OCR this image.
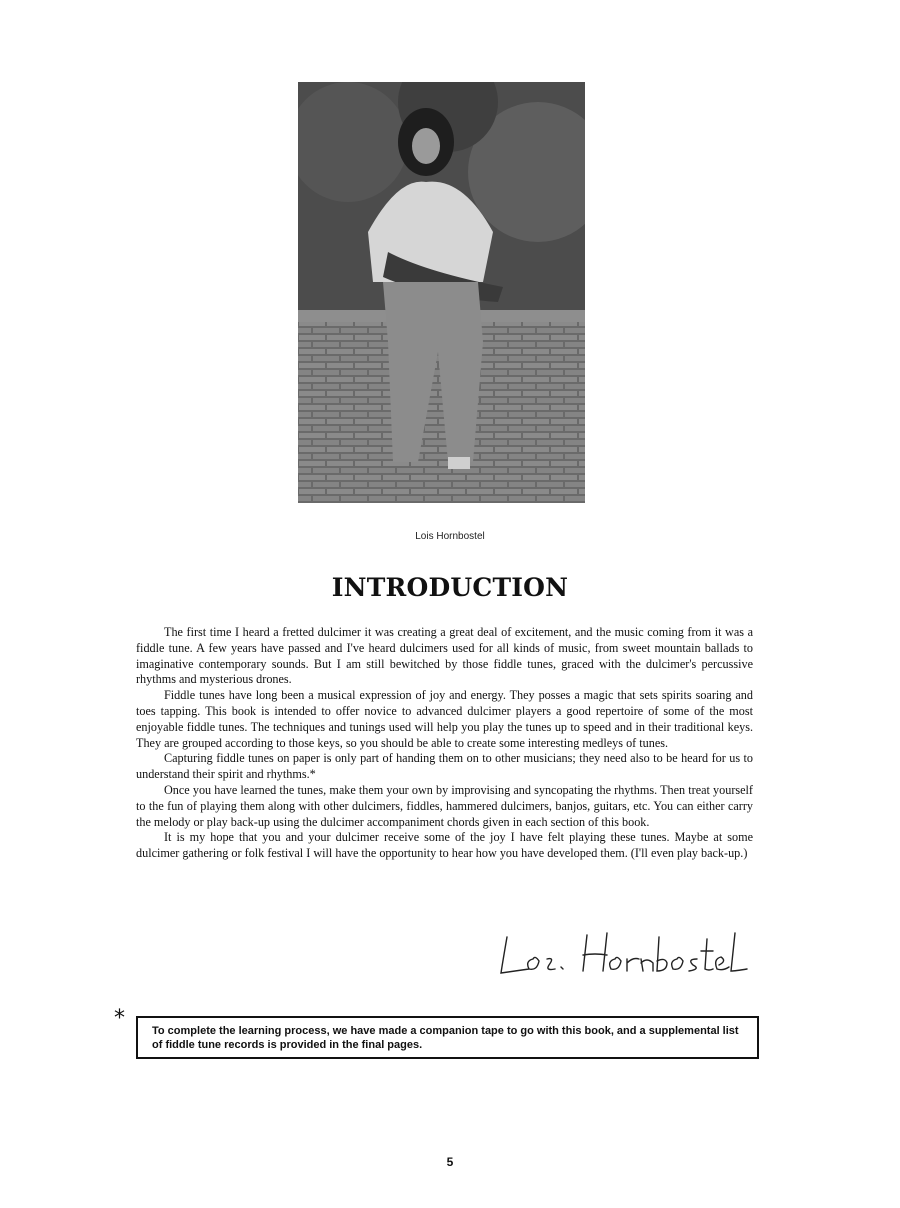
Lois Hornbostel
INTRODUCTION

The first time I heard a fretted dulcimer it was creating a great deal of excitement, and the music coming from it was a fiddle tune. A few years have passed and I've heard dulcimers used for all kinds of music, from sweet mountain ballads to imaginative contemporary sounds. But I am still bewitched by those fiddle tunes, graced with the dulcimer's percussive rhythms and mysterious drones.

Fiddle tunes have long been a musical expression of joy and energy. They posses a magic that sets spirits soaring and toes tapping. This book is intended to offer novice to advanced dulcimer players a good repertoire of some of the most enjoyable fiddle tunes. The techniques and tunings used will help you play the tunes up to speed and in their traditional keys. They are grouped according to those keys, so you should be able to create some interesting medleys of tunes.

Capturing fiddle tunes on paper is only part of handing them on to other musicians; they need also to be heard for us to understand their spirit and rhythms.*

Once you have learned the tunes, make them your own by improvising and syncopating the rhythms. Then treat yourself to the fun of playing them along with other dulcimers, fiddles, hammered dulcimers, banjos, guitars, etc. You can either carry the melody or play back-up using the dulcimer accompaniment chords given in each section of this book.

It is my hope that you and your dulcimer receive some of the joy I have felt playing these tunes. Maybe at some dulcimer gathering or folk festival I will have the opportunity to hear how you have developed them. (I'll even play back-up.)

*	To complete the learning process, we have made a companion tape to go with this book, and a supplemental list of fiddle tune records is provided in the final pages.
5
